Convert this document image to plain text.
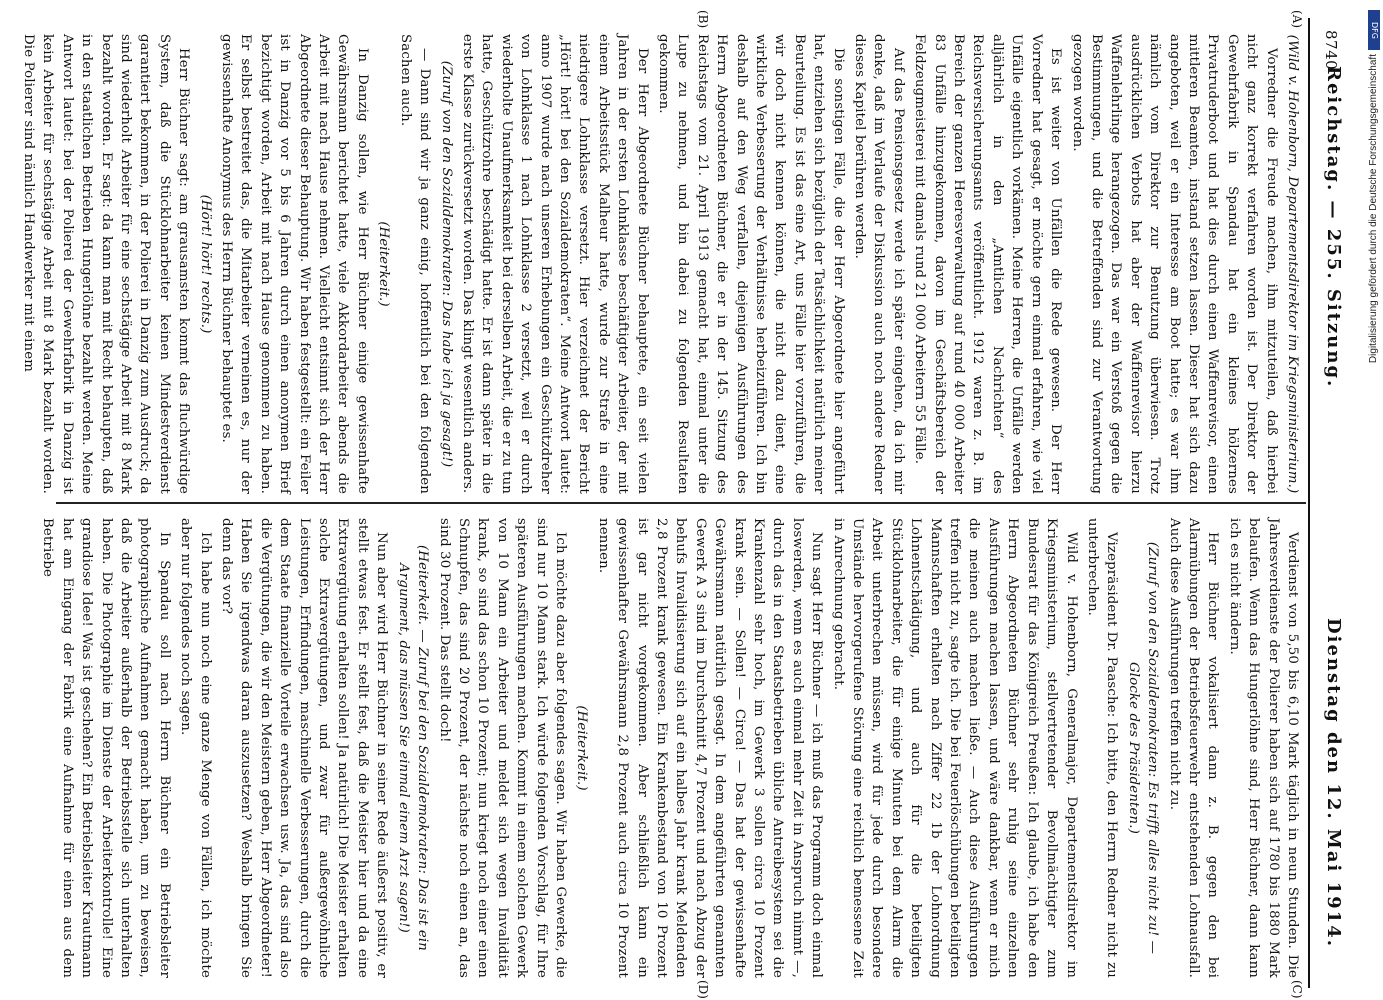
8740
Reichstag. — 255. Sitzung.
Dienstag den 12. Mai 1914.
(A)
(B)
(C)
(D)

(Wild v. Hohenborn, Departementsdirektor im Kriegsministerium.)

Vorredner die Freude machen, ihm mitzuteilen, daß hierbei nicht ganz korrekt verfahren worden ist. Der Direktor der Gewehrfabrik in Spandau hat ein kleines hölzernes Privatruderboot und hat dies durch einen Waffenrevisor, einen mittleren Beamten, instand setzen lassen. Dieser hat sich dazu angeboten, weil er ein Interesse am Boot hatte; es war ihm nämlich vom Direktor zur Benutzung überwiesen. Trotz ausdrücklichen Verbots hat aber der Waffenrevisor hierzu Waffenlehrlinge herangezogen. Das war ein Verstoß gegen die Bestimmungen, und die Betreffenden sind zur Verantwortung gezogen worden.

Es ist weiter von Unfällen die Rede gewesen. Der Herr Vorredner hat gesagt, er möchte gern einmal erfahren, wie viel Unfälle eigentlich vorkämen. Meine Herren, die Unfälle werden alljährlich in den „Amtlichen Nachrichten“ des Reichsversicherungsamts veröffentlicht. 1912 waren z. B. im Bereich der ganzen Heeresverwaltung auf rund 40 000 Arbeiter 83 Unfälle hinzugekommen, davon im Geschäftsbereich der Feldzeugmeisterei mit damals rund 21 000 Arbeitern 55 Fälle.

Auf das Pensionsgesetz werde ich später eingehen, da ich mir denke, daß im Verlaufe der Diskussion auch noch andere Redner dieses Kapitel berühren werden.

Die sonstigen Fälle, die der Herr Abgeordnete hier angeführt hat, entziehen sich bezüglich der Tatsächlichkeit natürlich meiner Beurteilung. Es ist das eine Art, uns Fälle hier vorzuführen, die wir doch nicht kennen können, die nicht dazu dient, eine wirkliche Verbesserung der Verhältnisse herbeizuführen. Ich bin deshalb auf den Weg verfallen, diejenigen Ausführungen des Herrn Abgeordneten Büchner, die er in der 145. Sitzung des Reichstags vom 21. April 1913 gemacht hat, einmal unter die Lupe zu nehmen, und bin dabei zu folgenden Resultaten gekommen.

Der Herr Abgeordnete Büchner behauptete, ein seit vielen Jahren in der ersten Lohnklasse beschäftigter Arbeiter, der mit einem Arbeitsstück Malheur hatte, wurde zur Strafe in eine niedrigere Lohnklasse versetzt. Hier verzeichnet der Bericht „Hört! hört! bei den Sozialdemokraten“. Meine Antwort lautet: anno 1907 wurde nach unseren Erhebungen ein Geschützdreher von Lohnklasse 1 nach Lohnklasse 2 versetzt, weil er durch wiederholte Unaufmerksamkeit bei derselben Arbeit, die er zu tun hatte, Geschützrohre beschädigt hatte. Er ist dann später in die erste Klasse zurückversetzt worden. Das klingt wesentlich anders.

(Zuruf von den Sozialdemokraten: Das habe ich ja gesagt!)

— Dann sind wir ja ganz einig, hoffentlich bei den folgenden Sachen auch.

(Heiterkeit.)

In Danzig sollen, wie Herr Büchner einige gewissenhafte Gewährsmann berichtet hatte, viele Akkordarbeiter abends die Arbeit mit nach Hause nehmen. Vielleicht entsinnt sich der Herr Abgeordnete dieser Behauptung. Wir haben festgestellt: ein Feiler ist in Danzig vor 5 bis 6 Jahren durch einen anonymen Brief bezichtigt worden, Arbeit mit nach Hause genommen zu haben. Er selbst bestreitet das, die Mitarbeiter verneinen es, nur der gewissenhafte Anonymus des Herrn Büchner behauptet es.

(Hört! hört! rechts.)

Herr Büchner sagt: am grausamsten kommt das fluchwürdige System, daß die Stücklohnarbeiter keinen Mindestverdienst garantiert bekommen, in der Polierei in Danzig zum Ausdruck; da sind wiederholt Arbeiter für eine sechstägige Arbeit mit 8 Mark bezahlt worden. Er sagt: da kann man mit Recht behaupten, daß in den staatlichen Betrieben Hungerlöhne bezahlt werden. Meine Antwort lautet: bei der Polierei der Gewehrfabrik in Danzig ist kein Arbeiter für sechstägige Arbeit mit 8 Mark bezahlt worden. Die Polierer sind nämlich Handwerker mit einem

Verdienst von 5,50 bis 6,10 Mark täglich in neun Stunden. Die Jahresverdienste der Polierer haben sich auf 1780 bis 1880 Mark belaufen. Wenn das Hungerlöhne sind, Herr Büchner, dann kann ich es nicht ändern.

Herr Büchner vokalisiert dann z. B. gegen den bei Alarmübungen der Betriebsfeuerwehr entstehenden Lohnausfall. Auch diese Ausführungen treffen nicht zu.

(Zuruf von den Sozialdemokraten: Es trifft alles nicht zu! — Glocke des Präsidenten.)

Vizepräsident Dr. Paasche: Ich bitte, den Herrn Redner nicht zu unterbrechen.

Wild v. Hohenborn, Generalmajor, Departementsdirektor im Kriegsministerium, stellvertretender Bevollmächtigter zum Bundesrat für das Königreich Preußen: Ich glaube, ich habe den Herrn Abgeordneten Büchner sehr ruhig seine einzelnen Ausführungen machen lassen, und wäre dankbar, wenn er mich die meinen auch machen ließe. — Auch diese Ausführungen treffen nicht zu, sagte ich. Die bei Feuerlöschübungen beteiligten Mannschaften erhalten nach Ziffer 22 1b der Lohnordnung Lohnentschädigung, und auch für die beteiligten Stücklohnarbeiter, die für einige Minuten bei dem Alarm die Arbeit unterbrechen müssen, wird für jede durch besondere Umstände hervorgerufene Störung eine reichlich bemessene Zeit in Anrechnung gebracht.

Nun sagt Herr Büchner — ich muß das Programm doch einmal loswerden, wenn es auch einmal mehr Zeit in Anspruch nimmt —, durch das in den Staatsbetrieben übliche Antreibesystem sei die Krankenzahl sehr hoch, im Gewerk 3 sollen circa 10 Prozent krank sein. — Sollen! — Circa! — Das hat der gewissenhafte Gewährsmann natürlich gesagt. In dem angeführten genannten Gewerk A 3 sind im Durchschnitt 4,7 Prozent und nach Abzug der behufs Invalidisierung sich auf ein halbes Jahr krank Meldenden 2,8 Prozent krank gewesen. Ein Krankenbestand von 10 Prozent ist gar nicht vorgekommen. Aber schließlich kann ein gewissenhafter Gewährsmann 2,8 Prozent auch circa 10 Prozent nennen.

(Heiterkeit.)

Ich möchte dazu aber folgendes sagen. Wir haben Gewerke, die sind nur 10 Mann stark. Ich würde folgenden Vorschlag, für Ihre späteren Ausführungen machen. Kommt in einem solchen Gewerk von 10 Mann ein Arbeiter und meldet sich wegen Invalidität krank, so sind das schon 10 Prozent; nun kriegt noch einer einen Schnupfen, das sind 20 Prozent, der nächste noch einen an, das sind 30 Prozent. Das stellt doch!

(Heiterkeit. — Zuruf bei den Sozialdemokraten: Das ist ein Argument, das müssen Sie einmal einem Arzt sagen!)

Nun aber wird Herr Büchner in seiner Rede äußerst positiv, er stellt etwas fest. Er stellt fest, daß die Meister hier und da eine Extravergütung erhalten sollen! Ja natürlich! Die Meister erhalten solche Extravergütungen, und zwar für außergewöhnliche Leistungen, Erfindungen, maschinelle Verbesserungen, durch die dem Staate finanzielle Vorteile erwachsen usw. Ja, das sind also die Vergütungen, die wir den Meistern geben, Herr Abgeordneter! Haben Sie irgendwas daran auszusetzen? Weshalb bringen Sie denn das vor?

Ich habe nun noch eine ganze Menge von Fällen, ich möchte aber nur folgendes noch sagen.

In Spandau soll nach Herrn Büchner ein Betriebsleiter photographische Aufnahmen gemacht haben, um zu beweisen, daß die Arbeiter außerhalb der Betriebsstelle sich unterhalten haben. Die Photographie im Dienste der Arbeiterkontrolle! Eine grandiose Idee! Was ist geschehen? Ein Betriebsleiter Krautmann hat am Eingang der Fabrik eine Aufnahme für einen aus dem Betriebe

DFG
Digitalisierung gefördert durch die Deutsche Forschungsgemeinschaft
